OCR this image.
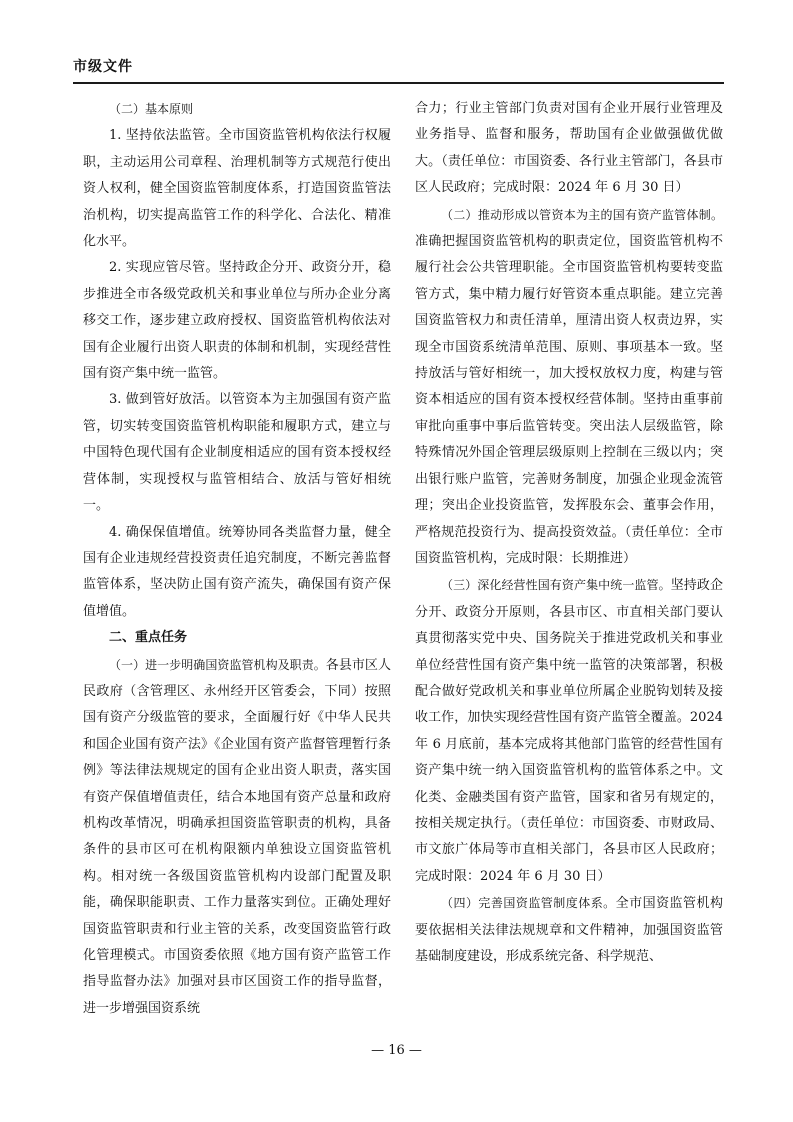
市级文件

（二）基本原则

1. 坚持依法监管。全市国资监管机构依法行权履职，主动运用公司章程、治理机制等方式规范行使出资人权利，健全国资监管制度体系，打造国资监管法治机构，切实提高监管工作的科学化、合法化、精准化水平。

2. 实现应管尽管。坚持政企分开、政资分开，稳步推进全市各级党政机关和事业单位与所办企业分离移交工作，逐步建立政府授权、国资监管机构依法对国有企业履行出资人职责的体制和机制，实现经营性国有资产集中统一监管。

3. 做到管好放活。以管资本为主加强国有资产监管，切实转变国资监管机构职能和履职方式，建立与中国特色现代国有企业制度相适应的国有资本授权经营体制，实现授权与监管相结合、放活与管好相统一。

4. 确保保值增值。统筹协同各类监督力量，健全国有企业违规经营投资责任追究制度，不断完善监督监管体系，坚决防止国有资产流失，确保国有资产保值增值。

二、重点任务

（一）进一步明确国资监管机构及职责。各县市区人民政府（含管理区、永州经开区管委会，下同）按照国有资产分级监管的要求，全面履行好《中华人民共和国企业国有资产法》《企业国有资产监督管理暂行条例》等法律法规规定的国有企业出资人职责，落实国有资产保值增值责任，结合本地国有资产总量和政府机构改革情况，明确承担国资监管职责的机构，具备条件的县市区可在机构限额内单独设立国资监管机构。相对统一各级国资监管机构内设部门配置及职能，确保职能职责、工作力量落实到位。正确处理好国资监管职责和行业主管的关系，改变国资监管行政化管理模式。市国资委依照《地方国有资产监管工作指导监督办法》加强对县市区国资工作的指导监督，进一步增强国资系统

合力；行业主管部门负责对国有企业开展行业管理及业务指导、监督和服务，帮助国有企业做强做优做大。（责任单位：市国资委、各行业主管部门，各县市区人民政府；完成时限：2024 年 6 月 30 日）

（二）推动形成以管资本为主的国有资产监管体制。准确把握国资监管机构的职责定位，国资监管机构不履行社会公共管理职能。全市国资监管机构要转变监管方式，集中精力履行好管资本重点职能。建立完善国资监管权力和责任清单，厘清出资人权责边界，实现全市国资系统清单范围、原则、事项基本一致。坚持放活与管好相统一，加大授权放权力度，构建与管资本相适应的国有资本授权经营体制。坚持由重事前审批向重事中事后监管转变。突出法人层级监管，除特殊情况外国企管理层级原则上控制在三级以内；突出银行账户监管，完善财务制度，加强企业现金流管理；突出企业投资监管，发挥股东会、董事会作用，严格规范投资行为、提高投资效益。（责任单位：全市国资监管机构，完成时限：长期推进）

（三）深化经营性国有资产集中统一监管。坚持政企分开、政资分开原则，各县市区、市直相关部门要认真贯彻落实党中央、国务院关于推进党政机关和事业单位经营性国有资产集中统一监管的决策部署，积极配合做好党政机关和事业单位所属企业脱钩划转及接收工作，加快实现经营性国有资产监管全覆盖。2024 年 6 月底前，基本完成将其他部门监管的经营性国有资产集中统一纳入国资监管机构的监管体系之中。文化类、金融类国有资产监管，国家和省另有规定的，按相关规定执行。（责任单位：市国资委、市财政局、市文旅广体局等市直相关部门，各县市区人民政府；完成时限：2024 年 6 月 30 日）

（四）完善国资监管制度体系。全市国资监管机构要依据相关法律法规规章和文件精神，加强国资监管基础制度建设，形成系统完备、科学规范、

— 16 —
